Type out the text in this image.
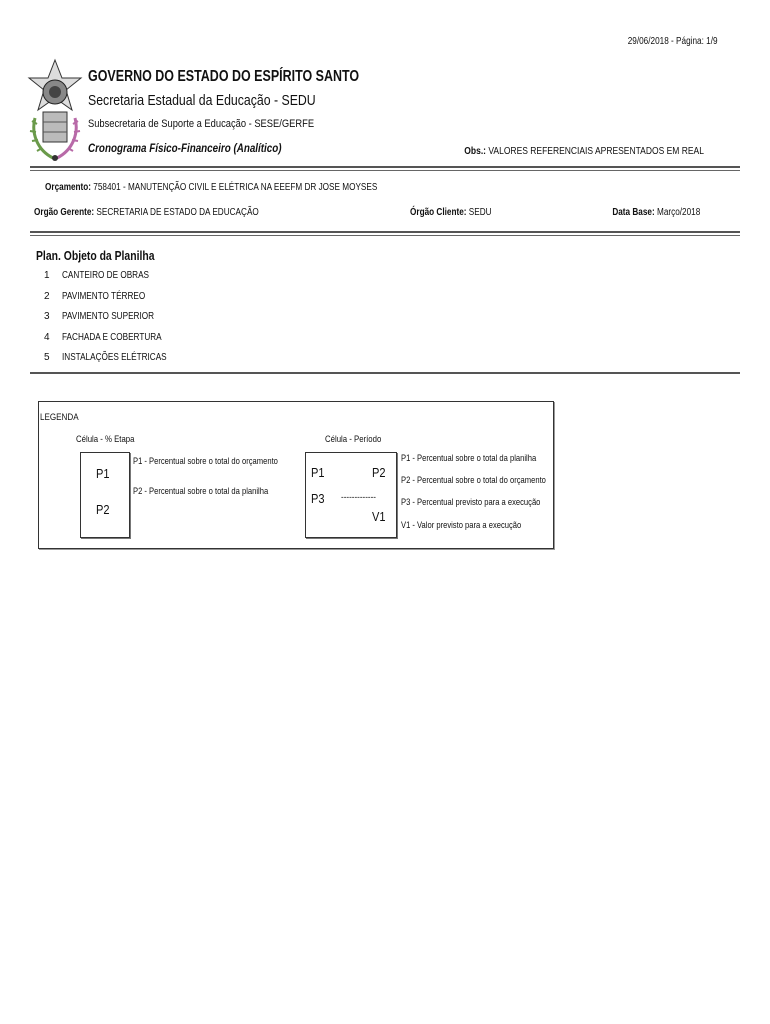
29/06/2018 - Página: 1/9
GOVERNO DO ESTADO DO ESPÍRITO SANTO
Secretaria Estadual da Educação - SEDU
Subsecretaria de Suporte a Educação - SESE/GERFE
Cronograma Físico-Financeiro (Analítico)	Obs.: VALORES REFERENCIAIS APRESENTADOS EM REAL
Orçamento: 758401 - MANUTENÇÃO CIVIL E ELÉTRICA NA EEEFM DR JOSE MOYSES
Orgão Gerente: SECRETARIA DE ESTADO DA EDUCAÇÃO	Órgão Cliente: SEDU	Data Base: Março/2018
Plan. Objeto da Planilha
1 CANTEIRO DE OBRAS
2 PAVIMENTO TÉRREO
3 PAVIMENTO SUPERIOR
4 FACHADA E COBERTURA
5 INSTALAÇÕES ELÉTRICAS
LEGENDA
Célula - % Etapa
P1
P2
P1 - Percentual sobre o total do orçamento
P2 - Percentual sobre o total da planilha
Célula - Período
P1	P2
P3 -------------
V1
P1 - Percentual sobre o total da planilha
P2 - Percentual sobre o total do orçamento
P3 - Percentual previsto para a execução
V1 - Valor previsto para a execução
